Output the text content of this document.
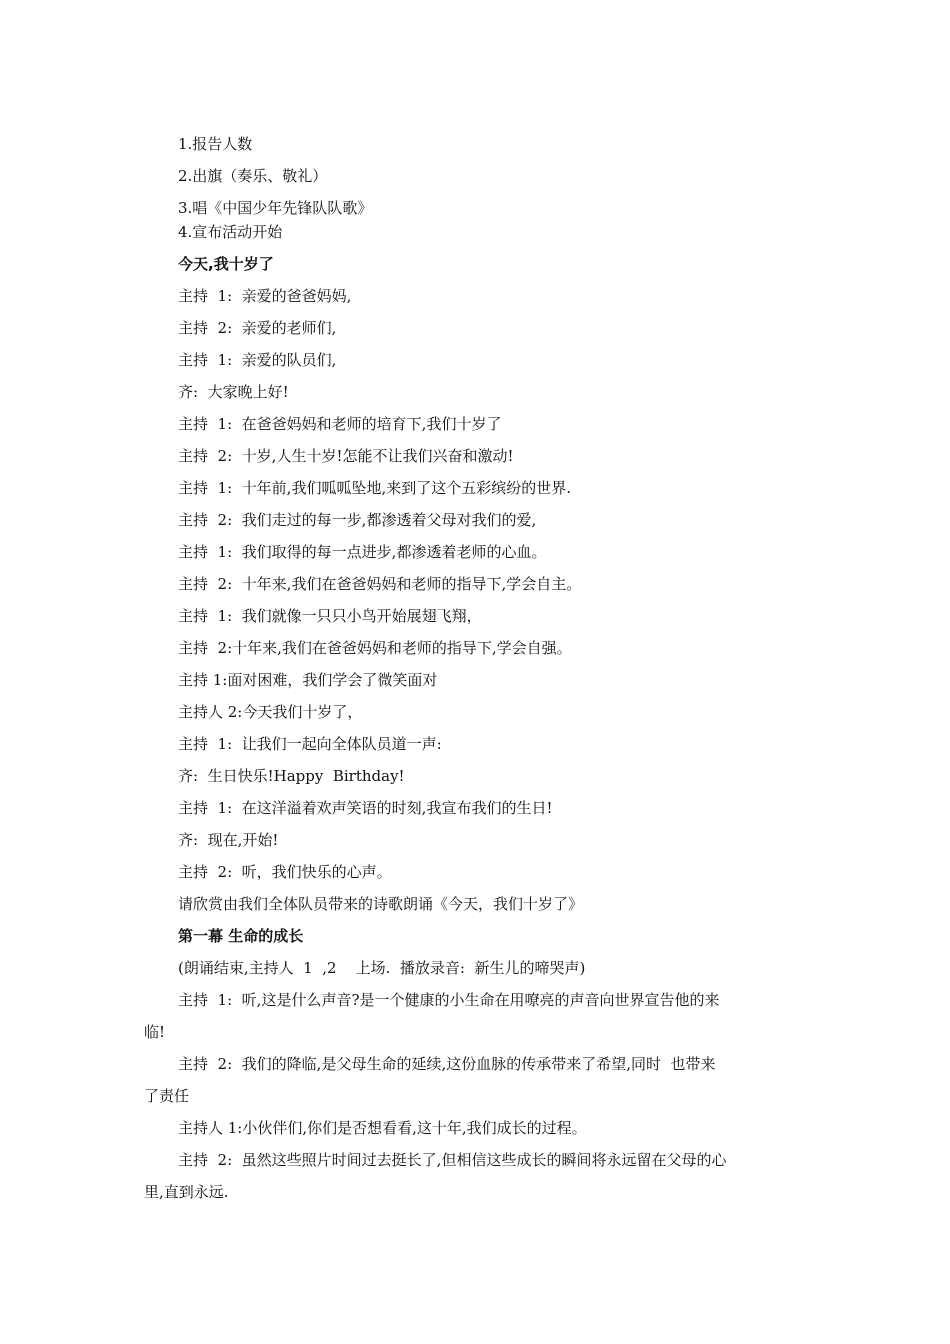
1.报告人数
2.出旗（奏乐、敬礼）
3.唱《中国少年先锋队队歌》
4.宣布活动开始
今天,我十岁了
主持  1:  亲爱的爸爸妈妈,
主持  2:  亲爱的老师们,
主持  1:  亲爱的队员们,
齐:  大家晚上好!
主持  1:  在爸爸妈妈和老师的培育下,我们十岁了
主持  2:  十岁,人生十岁!怎能不让我们兴奋和激动!
主持  1:  十年前,我们呱呱坠地,来到了这个五彩缤纷的世界.
主持  2:  我们走过的每一步,都渗透着父母对我们的爱,
主持  1:  我们取得的每一点进步,都渗透着老师的心血。
主持  2:  十年来,我们在爸爸妈妈和老师的指导下,学会自主。
主持  1:  我们就像一只只小鸟开始展翅飞翔，
主持  2:十年来,我们在爸爸妈妈和老师的指导下,学会自强。
主持 1:面对困难，我们学会了微笑面对
主持人 2:今天我们十岁了，
主持  1:  让我们一起向全体队员道一声:
齐:  生日快乐!Happy  Birthday!
主持  1:  在这洋溢着欢声笑语的时刻,我宣布我们的生日!
齐:  现在,开始!
主持  2:  听，我们快乐的心声。
请欣赏由我们全体队员带来的诗歌朗诵《今天，我们十岁了》
第一幕 生命的成长
(朗诵结束,主持人  1  ,2    上场.  播放录音:  新生儿的啼哭声)
主持  1:  听,这是什么声音?是一个健康的小生命在用嘹亮的声音向世界宣告他的来
临!
主持  2:  我们的降临,是父母生命的延续,这份血脉的传承带来了希望,同时  也带来
了责任
主持人 1:小伙伴们,你们是否想看看,这十年,我们成长的过程。
主持  2:  虽然这些照片时间过去挺长了,但相信这些成长的瞬间将永远留在父母的心
里,直到永远.
